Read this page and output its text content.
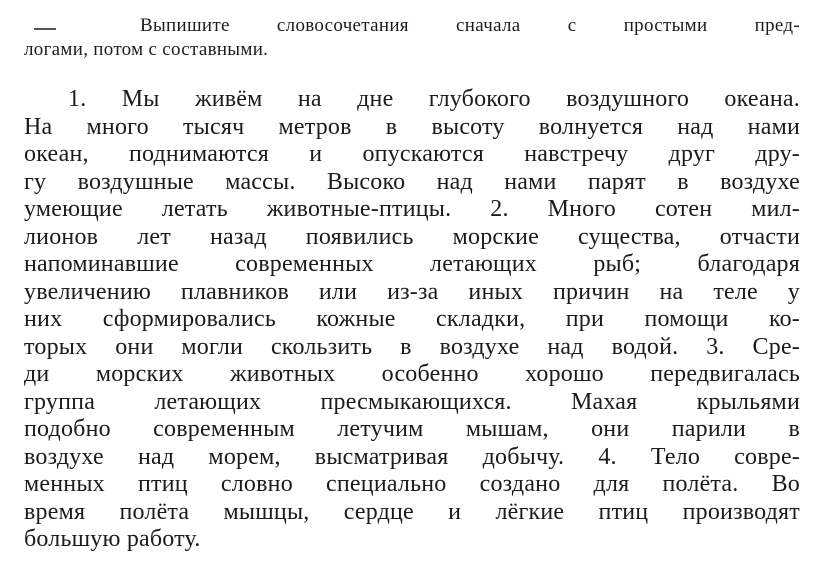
Выпишите словосочетания сначала с простыми пред-
логами, потом с составными.
1. Мы живём на дне глубокого воздушного океана.
На много тысяч метров в высоту волнуется над нами
океан, поднимаются и опускаются навстречу друг дру-
гу воздушные массы. Высоко над нами парят в воздухе
умеющие летать животные-птицы. 2. Много сотен мил-
лионов лет назад появились морские существа, отчасти
напоминавшие современных летающих рыб; благодаря
увеличению плавников или из-за иных причин на теле у
них сформировались кожные складки, при помощи ко-
торых они могли скользить в воздухе над водой. 3. Сре-
ди морских животных особенно хорошо передвигалась
группа летающих пресмыкающихся. Махая крыльями
подобно современным летучим мышам, они парили в
воздухе над морем, высматривая добычу. 4. Тело совре-
менных птиц словно специально создано для полёта. Во
время полёта мышцы, сердце и лёгкие птиц производят
большую работу.
